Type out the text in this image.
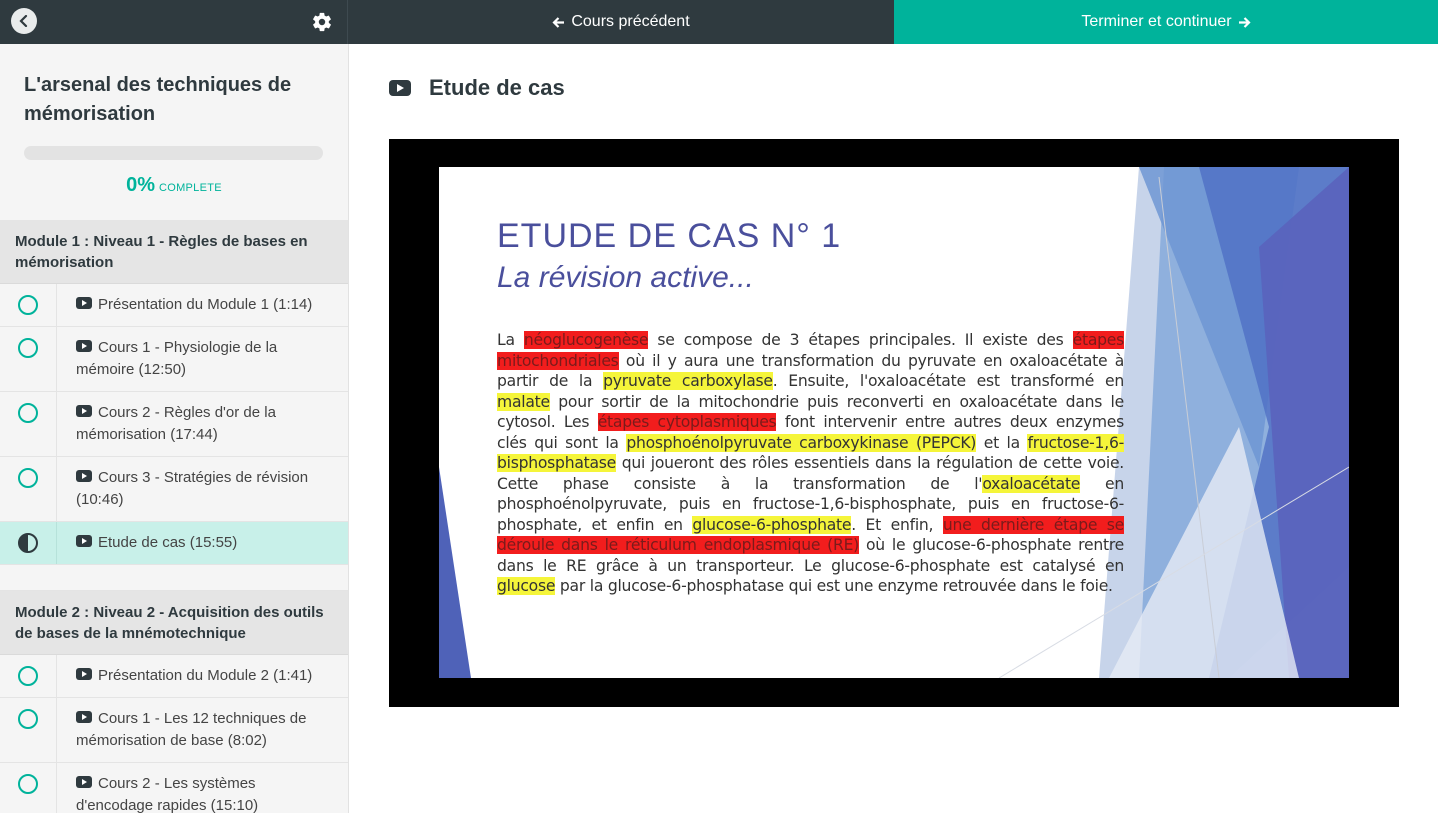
Cours précédent	Terminer et continuer
L'arsenal des techniques de mémorisation
0% COMPLETE
Module 1 : Niveau 1 - Règles de bases en mémorisation
Présentation du Module 1 (1:14)
Cours 1 - Physiologie de la mémoire (12:50)
Cours 2 - Règles d'or de la mémorisation (17:44)
Cours 3 - Stratégies de révision (10:46)
Etude de cas (15:55)
Module 2 : Niveau 2 - Acquisition des outils de bases de la mnémotechnique
Présentation du Module 2 (1:41)
Cours 1 - Les 12 techniques de mémorisation de base (8:02)
Cours 2 - Les systèmes d'encodage rapides (15:10)
Etude de cas
ETUDE DE CAS N° 1
La révision active...
La néoglucogenèse se compose de 3 étapes principales. Il existe des étapes mitochondriales où il y aura une transformation du pyruvate en oxaloacétate à partir de la pyruvate carboxylase. Ensuite, l'oxaloacétate est transformé en malate pour sortir de la mitochondrie puis reconverti en oxaloacétate dans le cytosol. Les étapes cytoplasmiques font intervenir entre autres deux enzymes clés qui sont la phosphoénolpyruvate carboxykinase (PEPCK) et la fructose-1,6-bisphosphatase qui joueront des rôles essentiels dans la régulation de cette voie. Cette phase consiste à la transformation de l'oxaloacétate en phosphoénolpyruvate, puis en fructose-1,6-bisphosphate, puis en fructose-6-phosphate, et enfin en glucose-6-phosphate. Et enfin, une dernière étape se déroule dans le réticulum endoplasmique (RE) où le glucose-6-phosphate rentre dans le RE grâce à un transporteur. Le glucose-6-phosphate est catalysé en glucose par la glucose-6-phosphatase qui est une enzyme retrouvée dans le foie.
